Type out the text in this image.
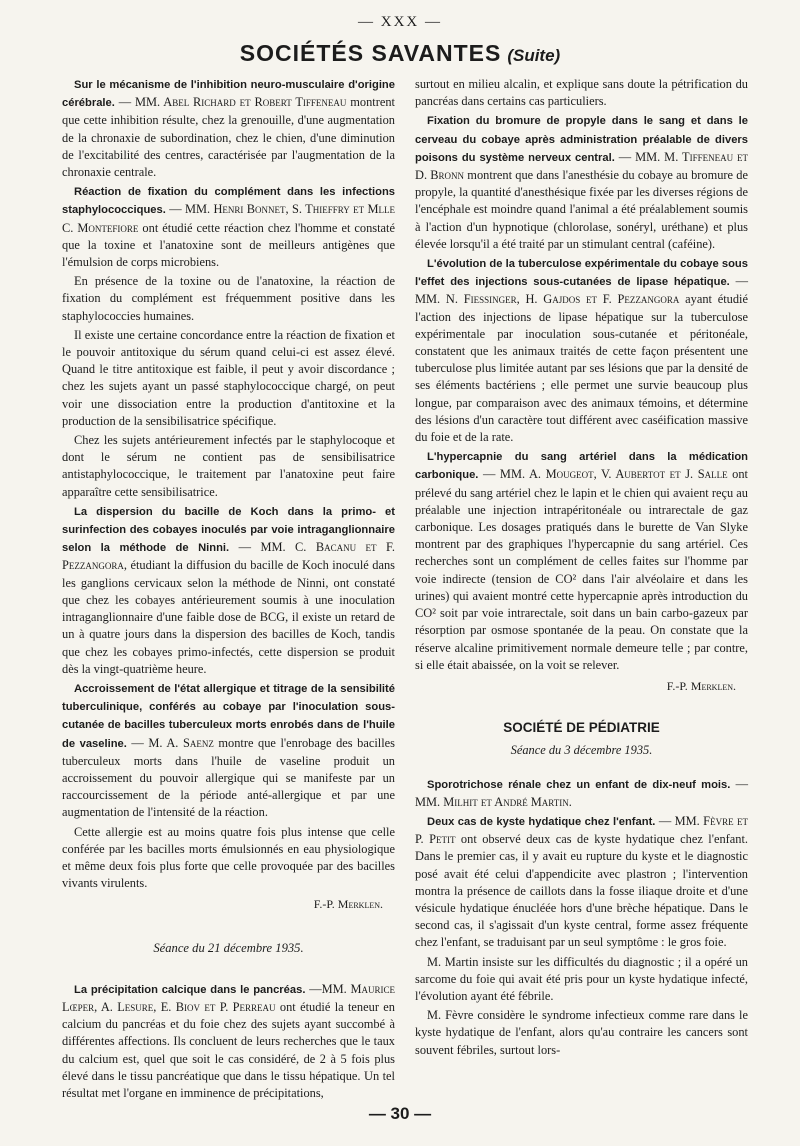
— XXX —
SOCIÉTÉS SAVANTES (Suite)

Sur le mécanisme de l'inhibition neuro-musculaire d'origine cérébrale. — MM. Abel Richard et Robert Tiffeneau montrent que cette inhibition résulte, chez la grenouille, d'une augmentation de la chronaxie de subordination, chez le chien, d'une diminution de l'excitabilité des centres, caractérisée par l'augmentation de la chronaxie centrale.

Réaction de fixation du complément dans les infections staphylococciques. — MM. Henri Bonnet, S. Thieffry et Mlle C. Montefiore ont étudié cette réaction chez l'homme et constaté que la toxine et l'anatoxine sont de meilleurs antigènes que l'émulsion de corps microbiens.

En présence de la toxine ou de l'anatoxine, la réaction de fixation du complément est fréquemment positive dans les staphylococcies humaines.

Il existe une certaine concordance entre la réaction de fixation et le pouvoir antitoxique du sérum quand celui-ci est assez élevé. Quand le titre antitoxique est faible, il peut y avoir discordance ; chez les sujets ayant un passé staphylococcique chargé, on peut voir une dissociation entre la production d'antitoxine et la production de la sensibilisatrice spécifique.

Chez les sujets antérieurement infectés par le staphylocoque et dont le sérum ne contient pas de sensibilisatrice antistaphylococcique, le traitement par l'anatoxine peut faire apparaître cette sensibilisatrice.

La dispersion du bacille de Koch dans la primo- et surinfection des cobayes inoculés par voie intraganglionnaire selon la méthode de Ninni. — MM. C. Bacanu et F. Pezzangora, étudiant la diffusion du bacille de Koch inoculé dans les ganglions cervicaux selon la méthode de Ninni, ont constaté que chez les cobayes antérieurement soumis à une inoculation intraganglionnaire d'une faible dose de BCG, il existe un retard de un à quatre jours dans la dispersion des bacilles de Koch, tandis que chez les cobayes primo-infectés, cette dispersion se produit dès la vingt-quatrième heure.

Accroissement de l'état allergique et titrage de la sensibilité tuberculinique, conférés au cobaye par l'inoculation sous-cutanée de bacilles tuberculeux morts enrobés dans de l'huile de vaseline. — M. A. Saenz montre que l'enrobage des bacilles tuberculeux morts dans l'huile de vaseline produit un accroissement du pouvoir allergique qui se manifeste par un raccourcissement de la période anté-allergique et par une augmentation de l'intensité de la réaction.

Cette allergie est au moins quatre fois plus intense que celle conférée par les bacilles morts émulsionnés en eau physiologique et même deux fois plus forte que celle provoquée par des bacilles vivants virulents.

F.-P. Merklen.
Séance du 21 décembre 1935.

La précipitation calcique dans le pancréas. —MM. Maurice Lœper, A. Lesure, E. Biov et P. Perreau ont étudié la teneur en calcium du pancréas et du foie chez des sujets ayant succombé à différentes affections. Ils concluent de leurs recherches que le taux du calcium est, quel que soit le cas considéré, de 2 à 5 fois plus élevé dans le tissu pancréatique que dans le tissu hépatique. Un tel résultat met l'organe en imminence de précipitations,

surtout en milieu alcalin, et explique sans doute la pétrification du pancréas dans certains cas particuliers.

Fixation du bromure de propyle dans le sang et dans le cerveau du cobaye après administration préalable de divers poisons du système nerveux central. — MM. M. Tiffeneau et D. Bronn montrent que dans l'anesthésie du cobaye au bromure de propyle, la quantité d'anesthésique fixée par les diverses régions de l'encéphale est moindre quand l'animal a été préalablement soumis à l'action d'un hypnotique (chlorolase, sonéryl, uréthane) et plus élevée lorsqu'il a été traité par un stimulant central (caféine).

L'évolution de la tuberculose expérimentale du cobaye sous l'effet des injections sous-cutanées de lipase hépatique. — MM. N. Fiessinger, H. Gajdos et F. Pezzangora ayant étudié l'action des injections de lipase hépatique sur la tuberculose expérimentale par inoculation sous-cutanée et péritonéale, constatent que les animaux traités de cette façon présentent une tuberculose plus limitée autant par ses lésions que par la densité de ses éléments bactériens ; elle permet une survie beaucoup plus longue, par comparaison avec des animaux témoins, et détermine des lésions d'un caractère tout différent avec caséification massive du foie et de la rate.

L'hypercapnie du sang artériel dans la médication carbonique. — MM. A. Mougeot, V. Aubertot et J. Salle ont prélevé du sang artériel chez le lapin et le chien qui avaient reçu au préalable une injection intrapéritonéale ou intrarectale de gaz carbonique. Les dosages pratiqués dans le burette de Van Slyke montrent par des graphiques l'hypercapnie du sang artériel. Ces recherches sont un complément de celles faites sur l'homme par voie indirecte (tension de CO² dans l'air alvéolaire et dans les urines) qui avaient montré cette hypercapnie après introduction du CO² soit par voie intrarectale, soit dans un bain carbo-gazeux par résorption par osmose spontanée de la peau. On constate que la réserve alcaline primitivement normale demeure telle ; par contre, si elle était abaissée, on la voit se relever.

F.-P. Merklen.
SOCIÉTÉ DE PÉDIATRIE
Séance du 3 décembre 1935.

Sporotrichose rénale chez un enfant de dix-neuf mois. — MM. Milhit et André Martin.

Deux cas de kyste hydatique chez l'enfant. — MM. Fèvre et P. Petit ont observé deux cas de kyste hydatique chez l'enfant. Dans le premier cas, il y avait eu rupture du kyste et le diagnostic posé avait été celui d'appendicite avec plastron ; l'intervention montra la présence de caillots dans la fosse iliaque droite et d'une vésicule hydatique énucléée hors d'une brèche hépatique. Dans le second cas, il s'agissait d'un kyste central, forme assez fréquente chez l'enfant, se traduisant par un seul symptôme : le gros foie.

M. Martin insiste sur les difficultés du diagnostic ; il a opéré un sarcome du foie qui avait été pris pour un kyste hydatique infecté, l'évolution ayant été fébrile.

M. Fèvre considère le syndrome infectieux comme rare dans le kyste hydatique de l'enfant, alors qu'au contraire les cancers sont souvent fébriles, surtout lors-

— 30 —
